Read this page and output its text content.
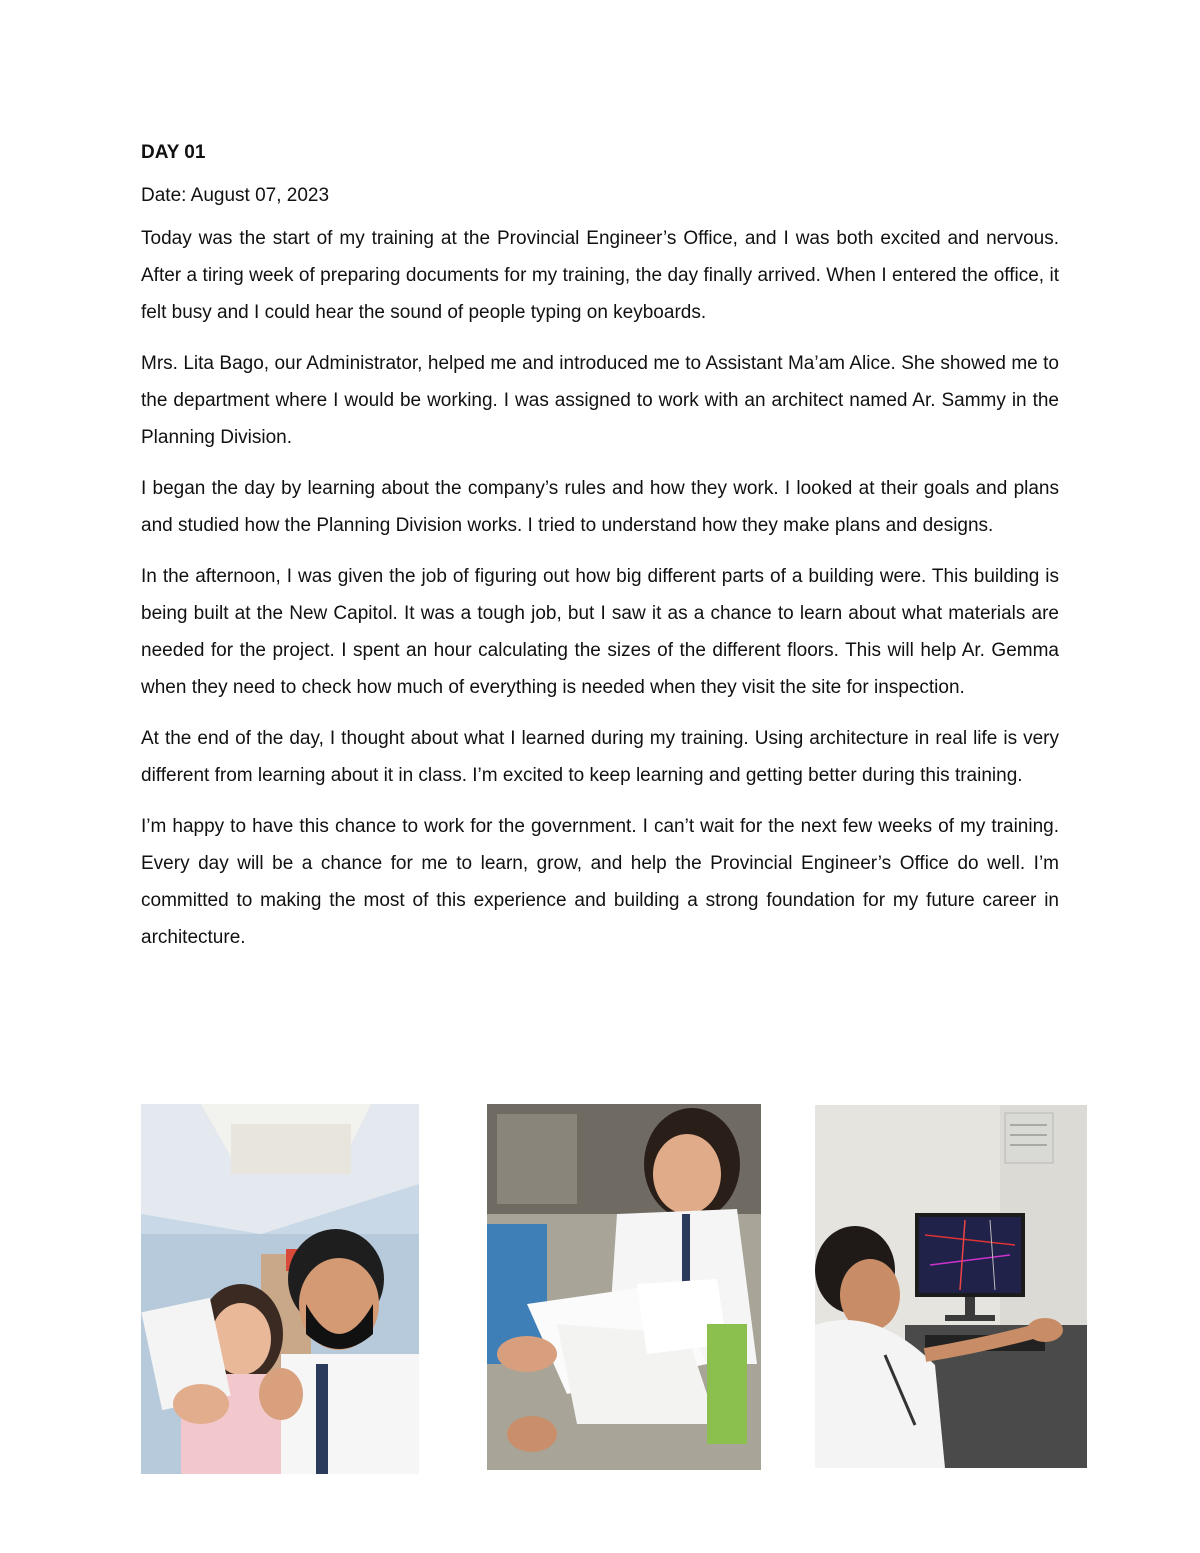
DAY 01

Date: August 07, 2023

Today was the start of my training at the Provincial Engineer’s Office, and I was both excited and nervous. After a tiring week of preparing documents for my training, the day finally arrived. When I entered the office, it felt busy and I could hear the sound of people typing on keyboards.

Mrs. Lita Bago, our Administrator, helped me and introduced me to Assistant Ma’am Alice. She showed me to the department where I would be working. I was assigned to work with an architect named Ar. Sammy in the Planning Division.

I began the day by learning about the company’s rules and how they work. I looked at their goals and plans and studied how the Planning Division works. I tried to understand how they make plans and designs.

In the afternoon, I was given the job of figuring out how big different parts of a building were. This building is being built at the New Capitol. It was a tough job, but I saw it as a chance to learn about what materials are needed for the project. I spent an hour calculating the sizes of the different floors. This will help Ar. Gemma when they need to check how much of everything is needed when they visit the site for inspection.

At the end of the day, I thought about what I learned during my training. Using architecture in real life is very different from learning about it in class. I’m excited to keep learning and getting better during this training.

I’m happy to have this chance to work for the government. I can’t wait for the next few weeks of my training. Every day will be a chance for me to learn, grow, and help the Provincial Engineer’s Office do well. I’m committed to making the most of this experience and building a strong foundation for my future career in architecture.
